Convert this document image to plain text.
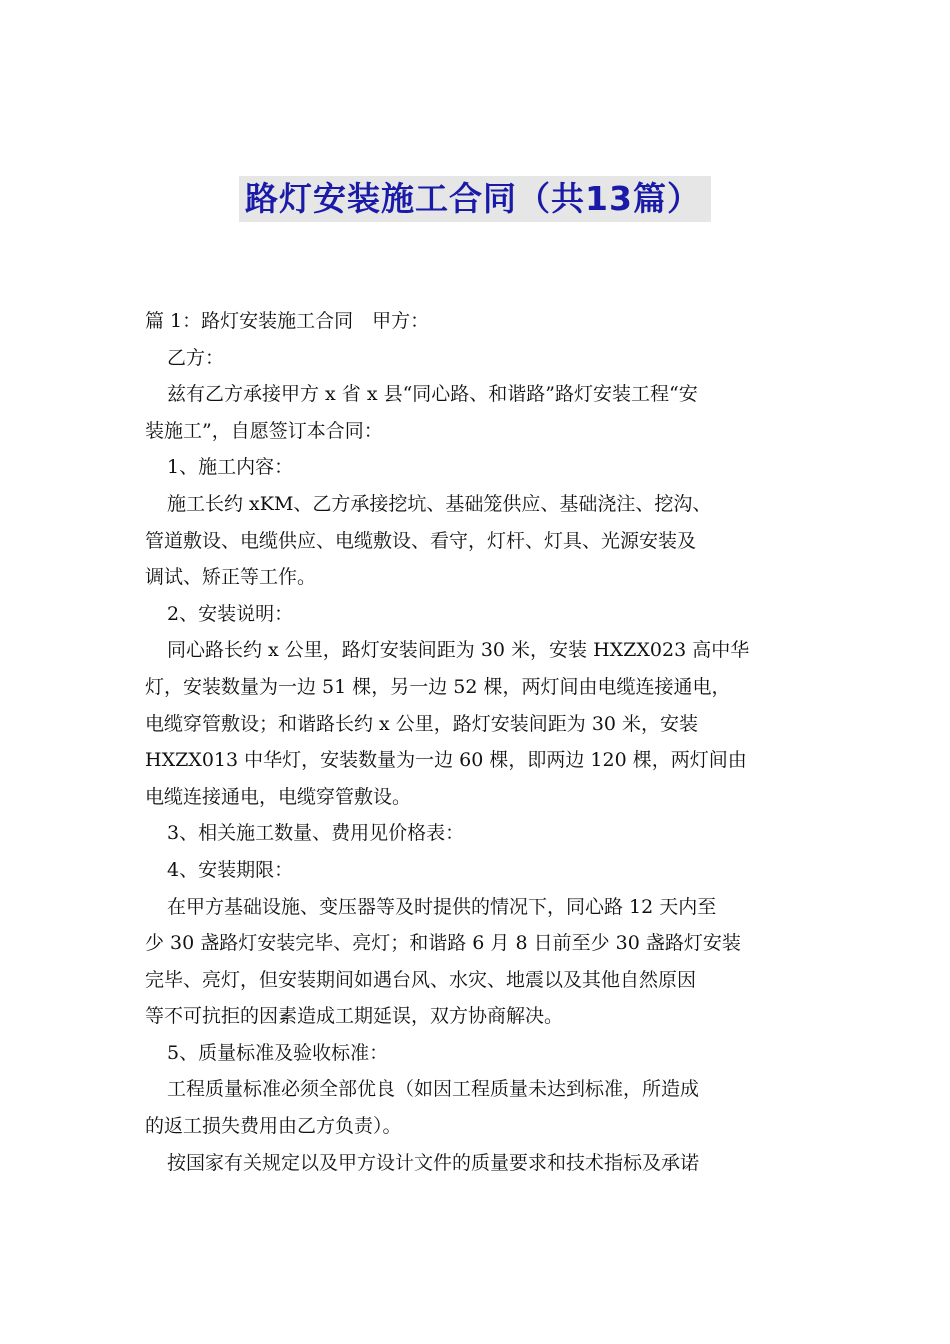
路灯安装施工合同（共13篇）
篇 1：路灯安装施工合同　甲方：
乙方：
兹有乙方承接甲方 x 省 x 县“同心路、和谐路”路灯安装工程“安
装施工”，自愿签订本合同：
1、施工内容：
施工长约 xKM、乙方承接挖坑、基础笼供应、基础浇注、挖沟、
管道敷设、电缆供应、电缆敷设、看守，灯杆、灯具、光源安装及
调试、矫正等工作。
2、安装说明：
同心路长约 x 公里，路灯安装间距为 30 米，安装 HXZX023 高中华
灯，安装数量为一边 51 棵，另一边 52 棵，两灯间由电缆连接通电，
电缆穿管敷设；和谐路长约 x 公里，路灯安装间距为 30 米，安装
HXZX013 中华灯，安装数量为一边 60 棵，即两边 120 棵，两灯间由
电缆连接通电，电缆穿管敷设。
3、相关施工数量、费用见价格表：
4、安装期限：
在甲方基础设施、变压器等及时提供的情况下，同心路 12 天内至
少 30 盏路灯安装完毕、亮灯；和谐路 6 月 8 日前至少 30 盏路灯安装
完毕、亮灯，但安装期间如遇台风、水灾、地震以及其他自然原因
等不可抗拒的因素造成工期延误，双方协商解决。
5、质量标准及验收标准：
工程质量标准必须全部优良（如因工程质量未达到标准，所造成
的返工损失费用由乙方负责）。
按国家有关规定以及甲方设计文件的质量要求和技术指标及承诺
